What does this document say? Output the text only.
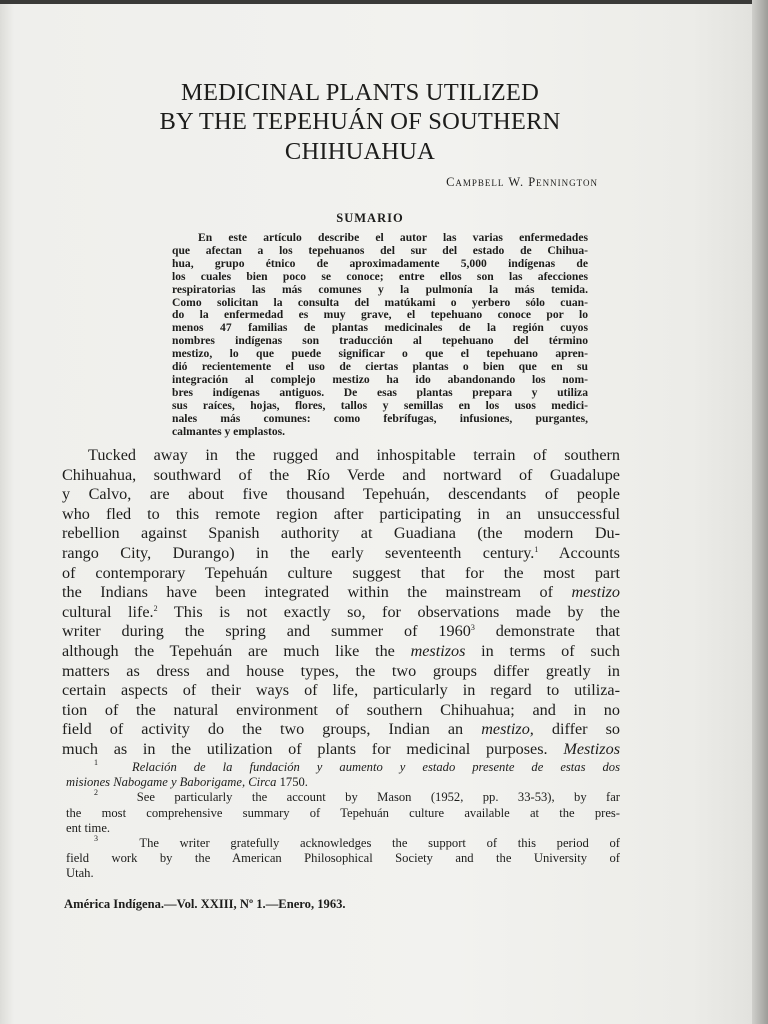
MEDICINAL PLANTS UTILIZED
BY THE TEPEHUÁN OF SOUTHERN
CHIHUAHUA
Campbell W. Pennington
SUMARIO
En este artículo describe el autor las varias enfermedades
que afectan a los tepehuanos del sur del estado de Chihua-
hua, grupo étnico de aproximadamente 5,000 indígenas de
los cuales bien poco se conoce; entre ellos son las afecciones
respiratorias las más comunes y la pulmonía la más temida.
Como solicitan la consulta del matúkami o yerbero sólo cuan-
do la enfermedad es muy grave, el tepehuano conoce por lo
menos 47 familias de plantas medicinales de la región cuyos
nombres indígenas son traducción al tepehuano del término
mestizo, lo que puede significar o que el tepehuano apren-
dió recientemente el uso de ciertas plantas o bien que en su
integración al complejo mestizo ha ido abandonando los nom-
bres indígenas antiguos. De esas plantas prepara y utiliza
sus raíces, hojas, flores, tallos y semillas en los usos medici-
nales más comunes: como febrífugas, infusiones, purgantes,
calmantes y emplastos.
Tucked away in the rugged and inhospitable terrain of southern
Chihuahua, southward of the Río Verde and nortward of Guadalupe
y Calvo, are about five thousand Tepehuán, descendants of people
who fled to this remote region after participating in an unsuccessful
rebellion against Spanish authority at Guadiana (the modern Du-
rango City, Durango) in the early seventeenth century.$^1$ Accounts
of contemporary Tepehuán culture suggest that for the most part
the Indians have been integrated within the mainstream of mestizo
cultural life.$^2$ This is not exactly so, for observations made by the
writer during the spring and summer of 1960$^3$ demonstrate that
although the Tepehuán are much like the mestizos in terms of such
matters as dress and house types, the two groups differ greatly in
certain aspects of their ways of life, particularly in regard to utiliza-
tion of the natural environment of southern Chihuahua; and in no
field of activity do the two groups, Indian an mestizo, differ so
much as in the utilization of plants for medicinal purposes. Mestizos
$^1$	Relación de la fundación y aumento y estado presente de estas dos
misiones Nabogame y Baborigame, Circa 1750.
$^2$	See particularly the account by Mason (1952, pp. 33-53), by far
the most comprehensive summary of Tepehuán culture available at the pres-
ent time.
$^3$	The writer gratefully acknowledges the support of this period of
field work by the American Philosophical Society and the University of
Utah.
América Indígena.—Vol. XXIII, Nº 1.—Enero, 1963.
